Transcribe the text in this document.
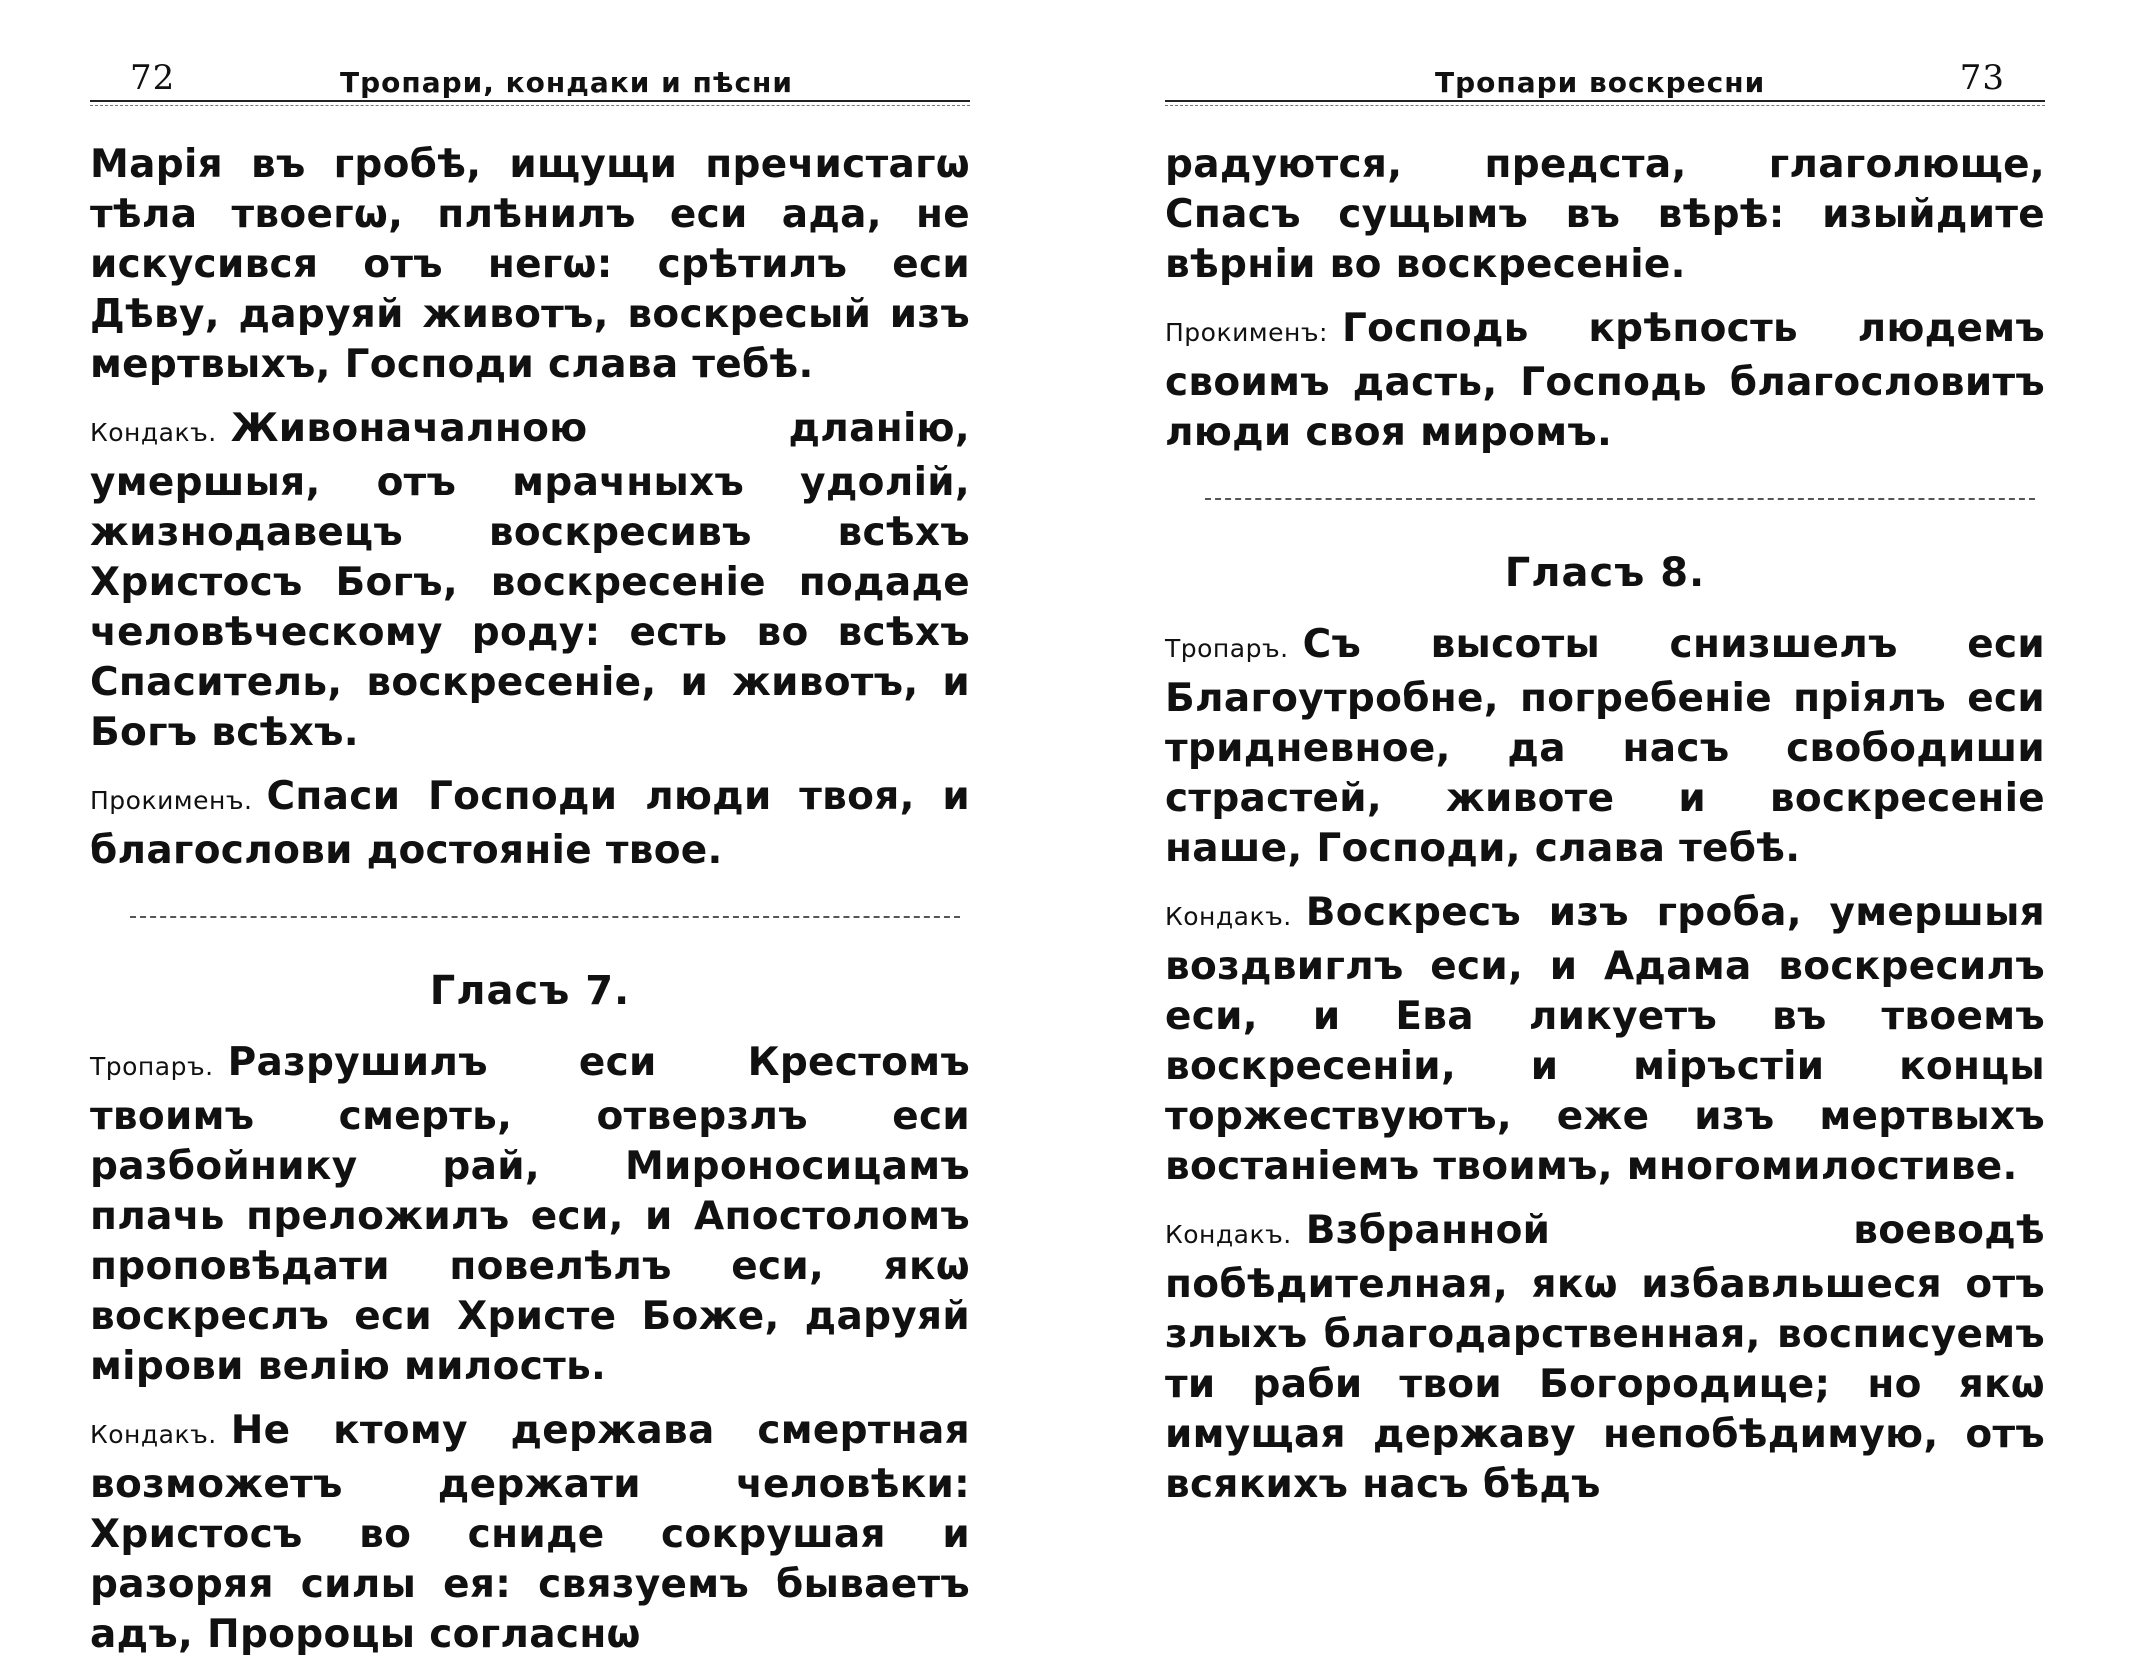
72	Тропари, кондаки и пѣсни

Марія въ гробѣ, ищущи пречистагω тѣла твоегω, плѣнилъ еси ада, не искусився отъ негω: срѣтилъ еси Дѣву, даруяй животъ, воскресый изъ мертвыхъ, Господи слава тебѣ.

Кондакъ. Живоначалною дланію, умершыя, отъ мрачныхъ удолій, жизнодавецъ воскресивъ всѣхъ Христосъ Богъ, воскресеніе подаде человѣческому роду: есть во всѣхъ Спаситель, воскресеніе, и животъ, и Богъ всѣхъ.

Прокименъ. Спаси Господи люди твоя, и благослови достояніе твое.

Гласъ 7.

Тропаръ. Разрушилъ еси Крестомъ твоимъ смерть, отверзлъ еси разбойнику рай, Мироносицамъ плачь преложилъ еси, и Апостоломъ проповѣдати повелѣлъ еси, якω воскреслъ еси Христе Боже, даруяй мірови велію милость.

Кондакъ. Не ктому держава смертная возможетъ держати человѣки: Христосъ во сниде сокрушая и разоряя силы ея: связуемъ бываетъ адъ, Пророцы согласнω

Тропари воскресни	73

радуются, предста, глаголюще, Спасъ сущымъ въ вѣрѣ: изыйдите вѣрніи во воскресеніе.

Прокименъ: Господь крѣпость людемъ своимъ дасть, Господь благословитъ люди своя миромъ.

Гласъ 8.

Тропаръ. Съ высоты снизшелъ еси Благоутробне, погребеніе пріялъ еси тридневное, да насъ свободиши страстей, животе и воскресеніе наше, Господи, слава тебѣ.

Кондакъ. Воскресъ изъ гроба, умершыя воздвиглъ еси, и Адама воскресилъ еси, и Ева ликуетъ въ твоемъ воскресеніи, и міръстіи концы торжествуютъ, еже изъ мертвыхъ востаніемъ твоимъ, многомилостиве.

Кондакъ. Взбранной воеводѣ побѣдителная, якω избавльшеся отъ злыхъ благодарственная, восписуемъ ти раби твои Богородице; но якω имущая державу непобѣдимую, отъ всякихъ насъ бѣдъ
